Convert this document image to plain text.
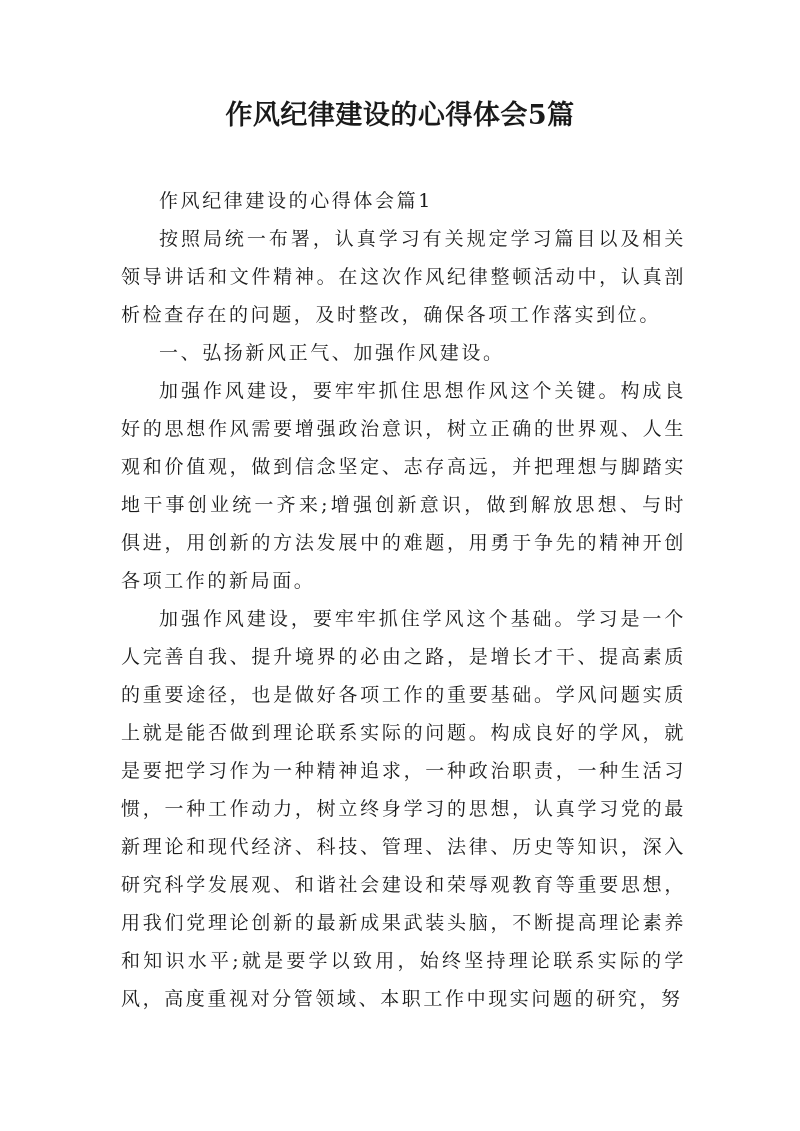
作风纪律建设的心得体会5篇

作风纪律建设的心得体会篇1

按照局统一布署，认真学习有关规定学习篇目以及相关领导讲话和文件精神。在这次作风纪律整顿活动中，认真剖析检查存在的问题，及时整改，确保各项工作落实到位。

一、弘扬新风正气、加强作风建设。

加强作风建设，要牢牢抓住思想作风这个关键。构成良好的思想作风需要增强政治意识，树立正确的世界观、人生观和价值观，做到信念坚定、志存高远，并把理想与脚踏实地干事创业统一齐来;增强创新意识，做到解放思想、与时俱进，用创新的方法发展中的难题，用勇于争先的精神开创各项工作的新局面。

加强作风建设，要牢牢抓住学风这个基础。学习是一个人完善自我、提升境界的必由之路，是增长才干、提高素质的重要途径，也是做好各项工作的重要基础。学风问题实质上就是能否做到理论联系实际的问题。构成良好的学风，就是要把学习作为一种精神追求，一种政治职责，一种生活习惯，一种工作动力，树立终身学习的思想，认真学习党的最新理论和现代经济、科技、管理、法律、历史等知识，深入研究科学发展观、和谐社会建设和荣辱观教育等重要思想，用我们党理论创新的最新成果武装头脑，不断提高理论素养和知识水平;就是要学以致用，始终坚持理论联系实际的学风，高度重视对分管领域、本职工作中现实问题的研究，努
